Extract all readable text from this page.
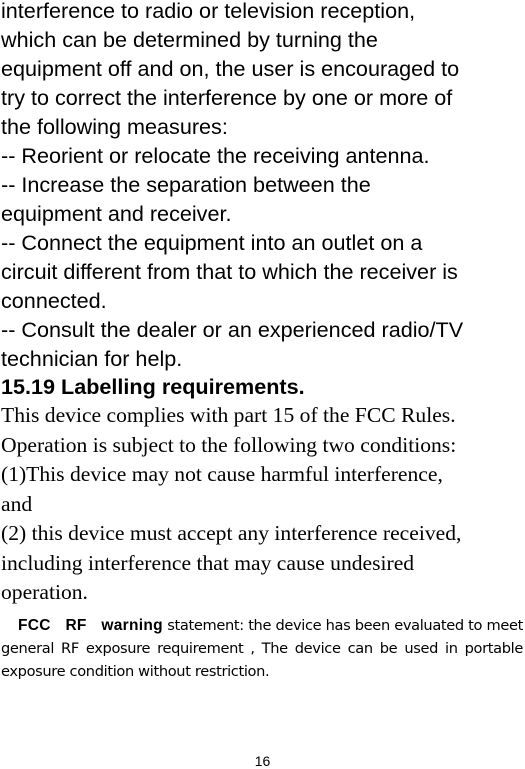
interference to radio or television reception,

which can be determined by turning the

equipment off and on, the user is encouraged to

try to correct the interference by one or more of

the following measures:

-- Reorient or relocate the receiving antenna.

-- Increase the separation between the

equipment and receiver.

-- Connect the equipment into an outlet on a

circuit different from that to which the receiver is

connected.

-- Consult the dealer or an experienced radio/TV

technician for help.

15.19 Labelling requirements.

This device complies with part 15 of the FCC Rules.

Operation is subject to the following two conditions:

(1)This device may not cause harmful interference,

and

(2) this device must accept any interference received,

including interference that may cause undesired

operation.

FCC RF warning statement: the device has been evaluated to meet general RF exposure requirement , The device can be used in portable exposure condition without restriction.

16
